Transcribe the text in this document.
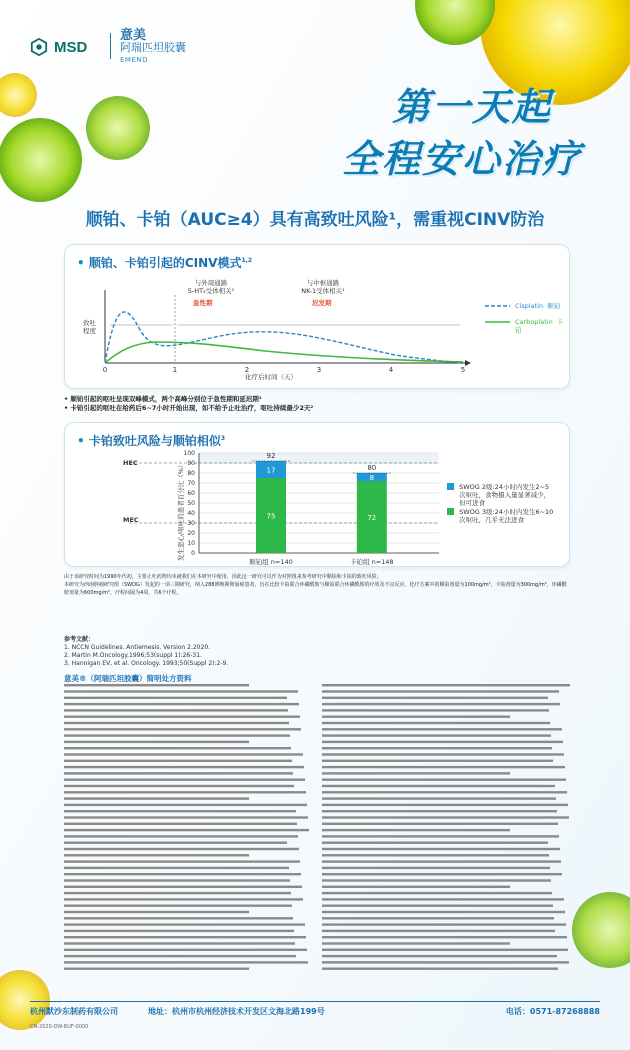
MSD
意美
阿瑞匹坦胶囊
EMEND
第一天起
全程安心治疗
顺铂、卡铂（AUC≥4）具有高致吐风险¹，需重视CINV防治
• 顺铂、卡铂引起的CINV模式$^{1,2}$
0	1	2	3	4	5
与外周通路
5-HT₃受体相关¹
急性期
与中枢通路
NK-1受体相关¹
迟发期
致吐
程度
化疗后时间（天）
Cisplatin 顺铂
Carboplatin 卡铂
• 顺铂引起的呕吐呈现双峰模式，两个高峰分别位于急性期和延迟期¹
• 卡铂引起的呕吐在给药后6~7小时开始出现，如不给予止吐治疗，呕吐持续最少2天²
• 卡铂致吐风险与顺铂相似$^3$
0
10
20
30
40
50
60
70
80
90
100
75
17
92
顺铂组 n=140
72
8
80
卡铂组 n=148
HEC
MEC	发生恶心/呕吐的患者百分比（%）	SWOG 2级:24小时内发生2~5次呕吐，食物摄入量显著减少，但可进食
SWOG 3级:24小时内发生6~10次呕吐，几乎无法进食
由于该研究时间为1990年代初，主要止吐药物均未被我们在本研究中使用，因此这一研究可以作为对照组来参考研究中顺铂和卡铂的致吐风险。
本研究为西南肿瘤研究组（SWOG）发起的一项三期研究，纳入288例晚期卵巢癌患者，旨在比较卡铂联合环磷酰胺与顺铂联合环磷酰胺的疗效及不良反应。化疗方案中的顺铂剂量为100mg/m²，卡铂剂量为300mg/m²，环磷酰胺剂量为600mg/m²，疗程间隔为4周，共6个疗程。
参考文献：
1. NCCN Guidelines. Antiemesis. Version 2.2020.
2. Martin M.Oncology.1996;53(suppl 1):26-31.
3. Hannigan EV, et al. Oncology. 1993;50(Suppl 2):2-9.
意美®（阿瑞匹坦胶囊）简明处方资料
杭州默沙东制药有限公司	地址：杭州市杭州经济技术开发区文海北路199号	电话：0571-87268888
CN-2020-DW-BUF-0000
